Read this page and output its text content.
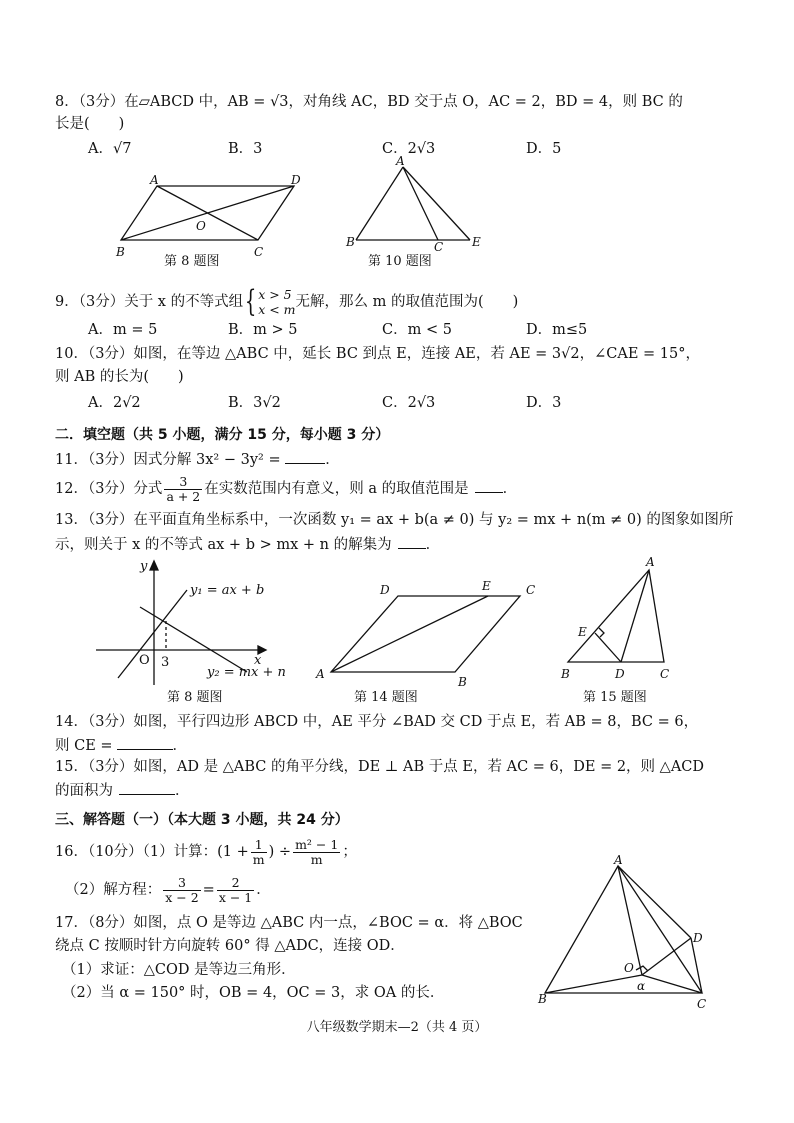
8．（3分）在▱ABCD 中，AB = √3，对角线 AC，BD 交于点 O，AC = 2，BD = 4，则 BC 的
长是(　　)
A．√7	B．3	C．2√3	D．5
A	D
O
B	C
A
B	C E
第 8 题图	第 10 题图
9．（3分）关于 x 的不等式组{ x > 5
x < m 无解，那么 m 的取值范围为(　　)
A．m = 5	B．m > 5	C．m < 5	D．m≤5
10．（3分）如图，在等边 △ABC 中，延长 BC 到点 E，连接 AE，若 AE = 3√2，∠CAE = 15°，
则 AB 的长为(　　)
A．2√2	B．3√2	C．2√3	D．3
二．填空题（共 5 小题，满分 15 分，每小题 3 分）
11．（3分）因式分解 3x² − 3y² =	．
12．（3分）分式 $\frac{3}{a + 2}$ 在实数范围内有意义，则 a 的取值范围是 ．
13．（3分）在平面直角坐标系中，一次函数 y₁ = ax + b(a ≠ 0) 与 y₂ = mx + n(m ≠ 0) 的图象如图所
示，则关于 x 的不等式 ax + b > mx + n 的解集为 ．
y
x
O 3
y₁ = ax + b
y₂ = mx + n
D	E	C
A
B
A
E
B	D	C
第 8 题图	第 14 题图	第 15 题图
14．（3分）如图，平行四边形 ABCD 中，AE 平分 ∠BAD 交 CD 于点 E，若 AB = 8，BC = 6，
则 CE =	．
15．（3分）如图，AD 是 △ABC 的角平分线，DE ⊥ AB 于点 E，若 AC = 6，DE = 2，则 △ACD
的面积为	．
三、解答题（一）（本大题 3 小题，共 24 分）
16．（10分）（1）计算：($1 + \frac{1}{m}$ ) ÷ $\frac{\text{m² − 1}}{m}$ ；
（2）解方程： $\frac{3}{x - 2} = \frac{2}{x - 1}$ ．
17．（8分）如图，点 O 是等边 △ABC 内一点，∠BOC = α．将 △BOC
绕点 C 按顺时针方向旋转 60° 得 △ADC，连接 OD．
（1）求证：△COD 是等边三角形．
（2）当 α = 150° 时，OB = 4，OC = 3，求 OA 的长．
A
D
O
α
B	C
八年级数学期末—2（共 4 页）
